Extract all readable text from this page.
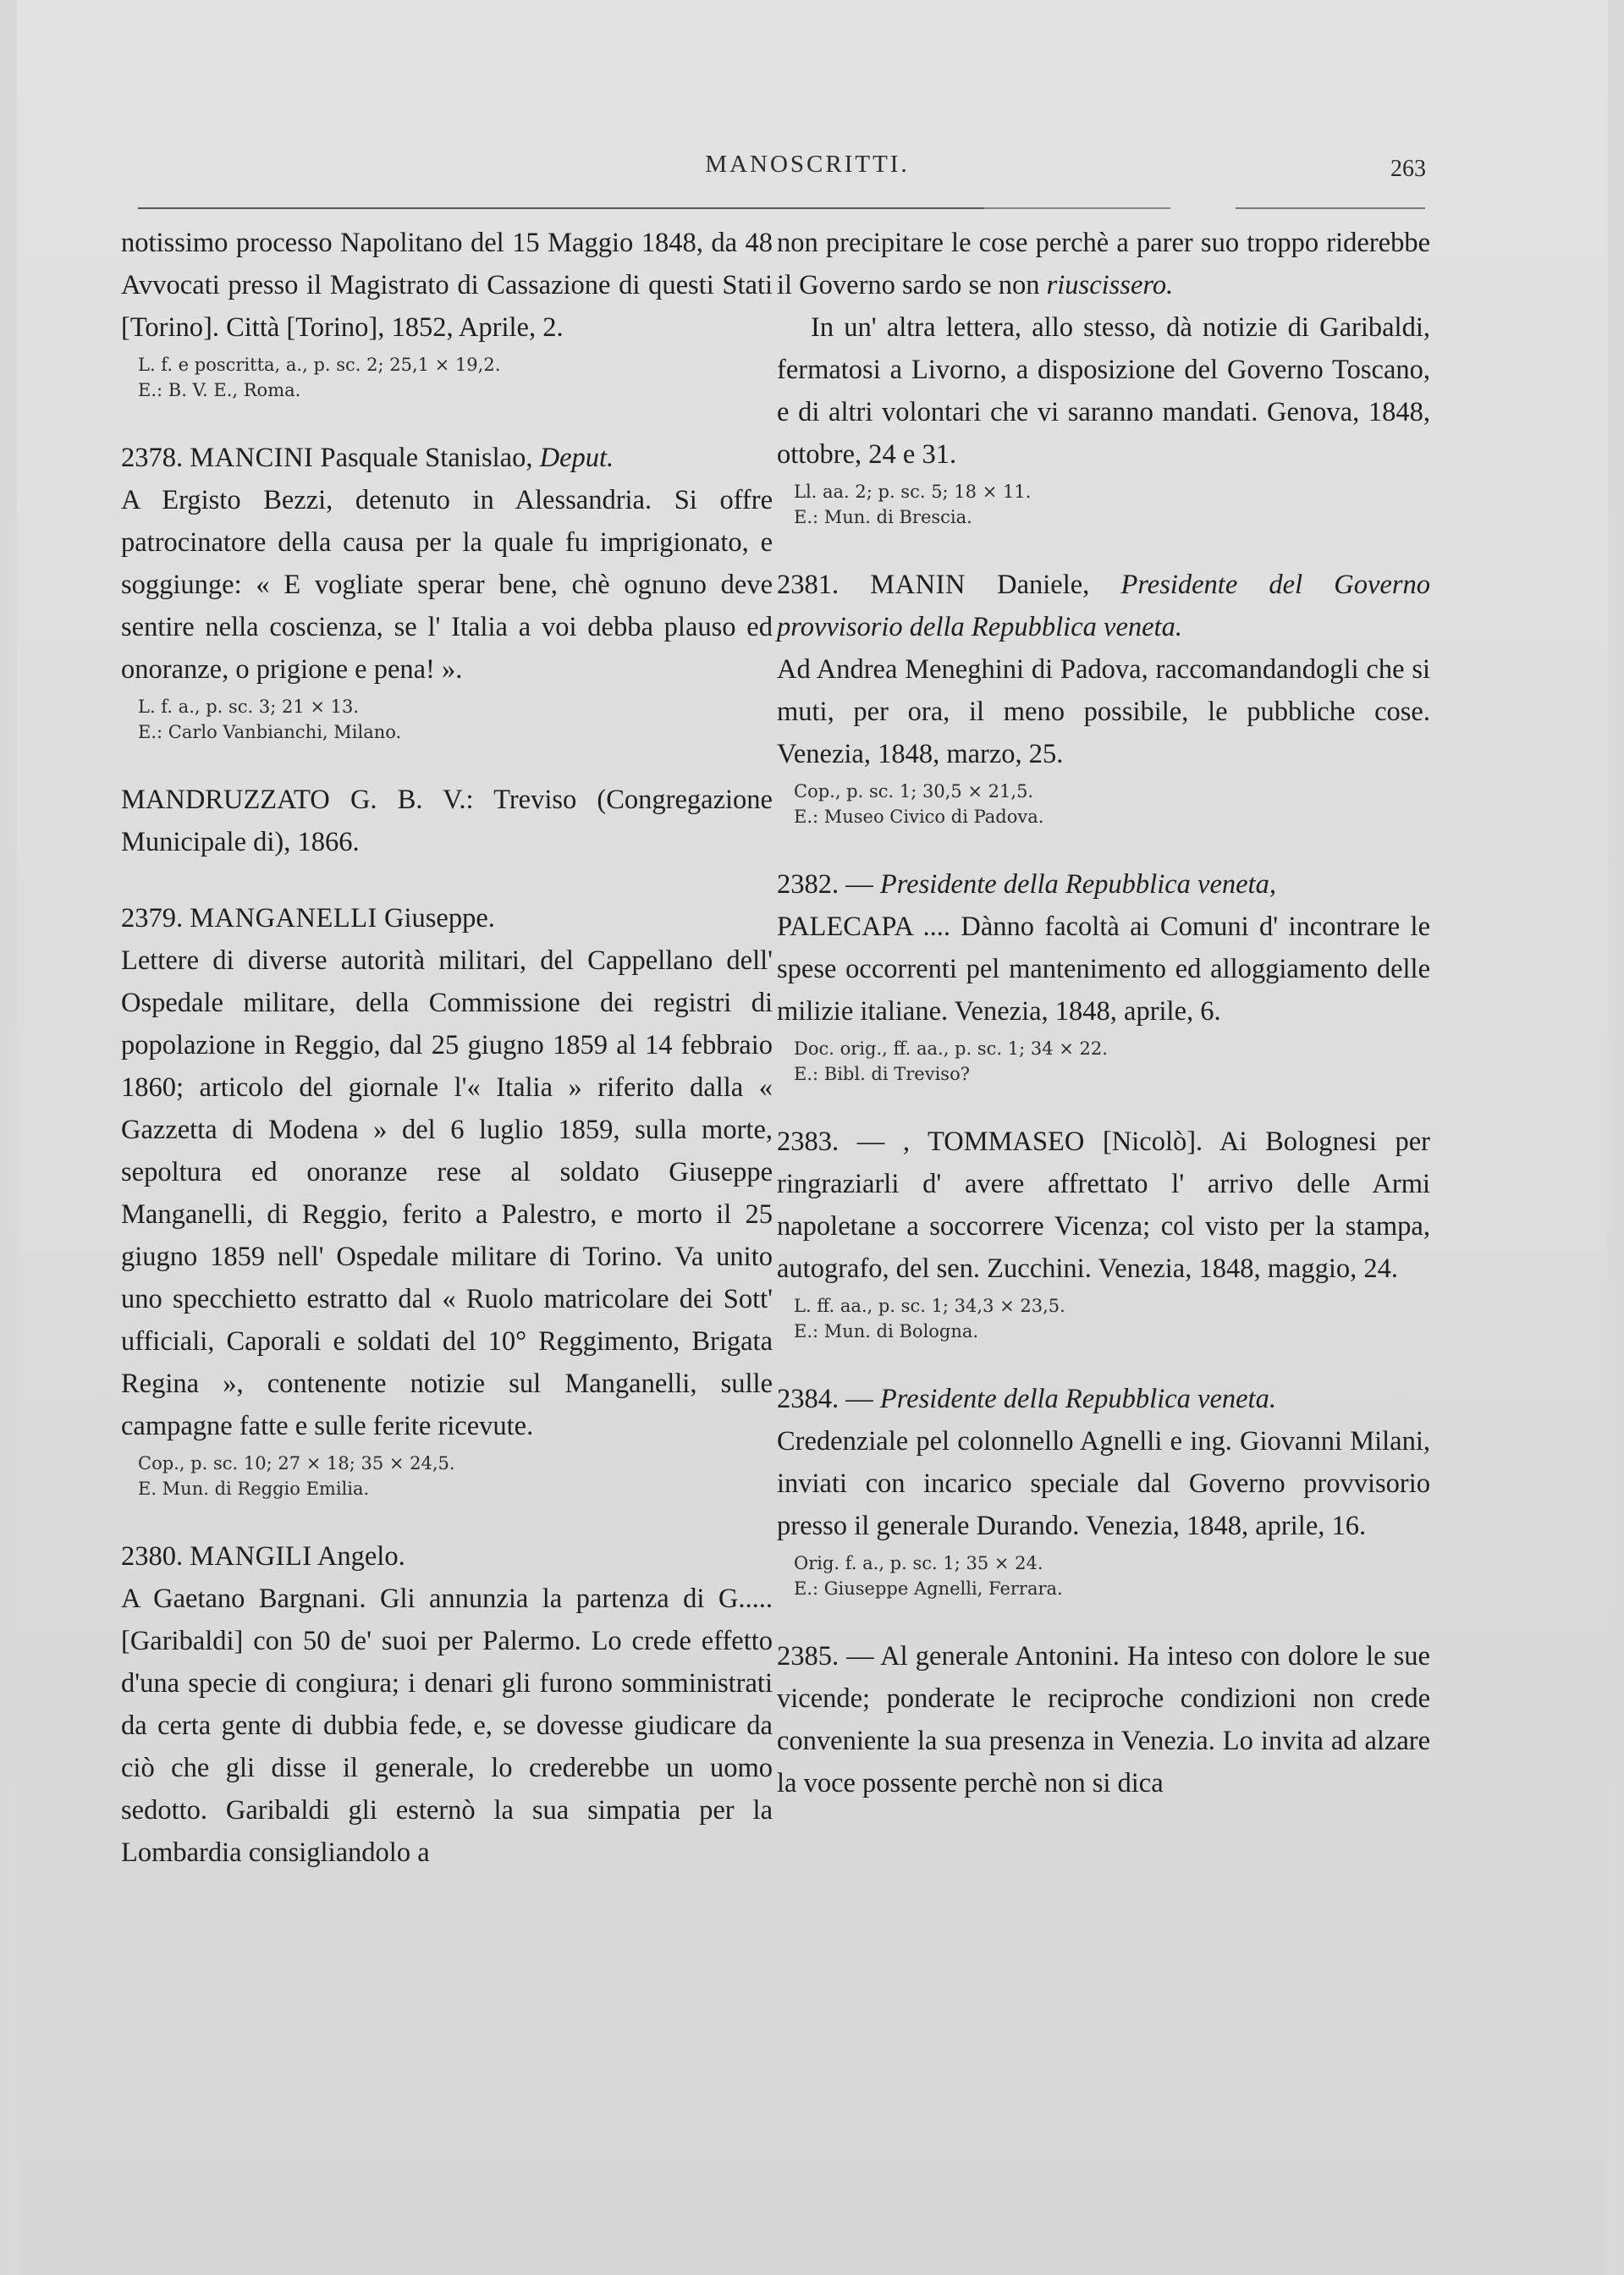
MANOSCRITTI.	263

notissimo processo Napolitano del 15 Maggio 1848, da 48 Avvocati presso il Magistrato di Cassazione di questi Stati [Torino]. Città [Torino], 1852, Aprile, 2.

L. f. e poscritta, a., p. sc. 2; 25,1 × 19,2.
E.: B. V. E., Roma.

2378. MANCINI Pasquale Stanislao, Deput.

A Ergisto Bezzi, detenuto in Alessandria. Si offre patrocinatore della causa per la quale fu imprigionato, e soggiunge: « E vogliate sperar bene, chè ognuno deve sentire nella coscienza, se l' Italia a voi debba plauso ed onoranze, o prigione e pena! ».

L. f. a., p. sc. 3; 21 × 13.
E.: Carlo Vanbianchi, Milano.

MANDRUZZATO G. B. V.: Treviso (Congregazione Municipale di), 1866.

2379. MANGANELLI Giuseppe.

Lettere di diverse autorità militari, del Cappellano dell' Ospedale militare, della Commissione dei registri di popolazione in Reggio, dal 25 giugno 1859 al 14 febbraio 1860; articolo del giornale l'« Italia » riferito dalla « Gazzetta di Modena » del 6 luglio 1859, sulla morte, sepoltura ed onoranze rese al soldato Giuseppe Manganelli, di Reggio, ferito a Palestro, e morto il 25 giugno 1859 nell' Ospedale militare di Torino. Va unito uno specchietto estratto dal « Ruolo matricolare dei Sott' ufficiali, Caporali e soldati del 10° Reggimento, Brigata Regina », contenente notizie sul Manganelli, sulle campagne fatte e sulle ferite ricevute.

Cop., p. sc. 10; 27 × 18; 35 × 24,5.
E. Mun. di Reggio Emilia.

2380. MANGILI Angelo.

A Gaetano Bargnani. Gli annunzia la partenza di G..... [Garibaldi] con 50 de' suoi per Palermo. Lo crede effetto d'una specie di congiura; i denari gli furono somministrati da certa gente di dubbia fede, e, se dovesse giudicare da ciò che gli disse il generale, lo crederebbe un uomo sedotto. Garibaldi gli esternò la sua simpatia per la Lombardia consigliandolo a

non precipitare le cose perchè a parer suo troppo riderebbe il Governo sardo se non riuscissero.

In un' altra lettera, allo stesso, dà notizie di Garibaldi, fermatosi a Livorno, a disposizione del Governo Toscano, e di altri volontari che vi saranno mandati. Genova, 1848, ottobre, 24 e 31.

Ll. aa. 2; p. sc. 5; 18 × 11.
E.: Mun. di Brescia.

2381. MANIN Daniele, Presidente del Governo provvisorio della Repubblica veneta.

Ad Andrea Meneghini di Padova, raccomandandogli che si muti, per ora, il meno possibile, le pubbliche cose. Venezia, 1848, marzo, 25.

Cop., p. sc. 1; 30,5 × 21,5.
E.: Museo Civico di Padova.

2382. — Presidente della Repubblica veneta,

PALECAPA .... Dànno facoltà ai Comuni d' incontrare le spese occorrenti pel mantenimento ed alloggiamento delle milizie italiane. Venezia, 1848, aprile, 6.

Doc. orig., ff. aa., p. sc. 1; 34 × 22.
E.: Bibl. di Treviso?

2383. — , TOMMASEO [Nicolò]. Ai Bolognesi per ringraziarli d' avere affrettato l' arrivo delle Armi napoletane a soccorrere Vicenza; col visto per la stampa, autografo, del sen. Zucchini. Venezia, 1848, maggio, 24.

L. ff. aa., p. sc. 1; 34,3 × 23,5.
E.: Mun. di Bologna.

2384. — Presidente della Repubblica veneta.

Credenziale pel colonnello Agnelli e ing. Giovanni Milani, inviati con incarico speciale dal Governo provvisorio presso il generale Durando. Venezia, 1848, aprile, 16.

Orig. f. a., p. sc. 1; 35 × 24.
E.: Giuseppe Agnelli, Ferrara.

2385. — Al generale Antonini. Ha inteso con dolore le sue vicende; ponderate le reciproche condizioni non crede conveniente la sua presenza in Venezia. Lo invita ad alzare la voce possente perchè non si dica
